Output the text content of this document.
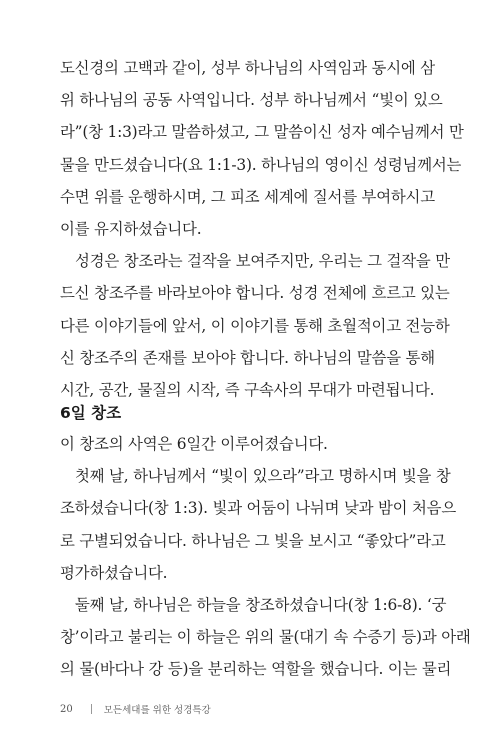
도신경의 고백과 같이, 성부 하나님의 사역임과 동시에 삼
위 하나님의 공동 사역입니다. 성부 하나님께서 “빛이 있으
라”(창 1:3)라고 말씀하셨고, 그 말씀이신 성자 예수님께서 만
물을 만드셨습니다(요 1:1-3). 하나님의 영이신 성령님께서는
수면 위를 운행하시며, 그 피조 세계에 질서를 부여하시고
이를 유지하셨습니다.
성경은 창조라는 걸작을 보여주지만, 우리는 그 걸작을 만
드신 창조주를 바라보아야 합니다. 성경 전체에 흐르고 있는
다른 이야기들에 앞서, 이 이야기를 통해 초월적이고 전능하
신 창조주의 존재를 보아야 합니다. 하나님의 말씀을 통해
시간, 공간, 물질의 시작, 즉 구속사의 무대가 마련됩니다.
6일 창조
이 창조의 사역은 6일간 이루어졌습니다.
첫째 날, 하나님께서 “빛이 있으라”라고 명하시며 빛을 창
조하셨습니다(창 1:3). 빛과 어둠이 나뉘며 낮과 밤이 처음으
로 구별되었습니다. 하나님은 그 빛을 보시고 “좋았다”라고
평가하셨습니다.
둘째 날, 하나님은 하늘을 창조하셨습니다(창 1:6-8). ‘궁
창’이라고 불리는 이 하늘은 위의 물(대기 속 수증기 등)과 아래
의 물(바다나 강 등)을 분리하는 역할을 했습니다. 이는 물리
20	모든세대를 위한 성경특강
